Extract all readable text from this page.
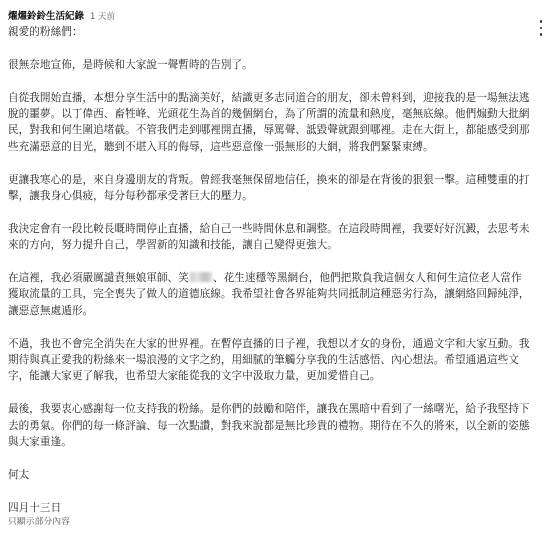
燿燿鈴鈴生活紀錄 1 天前

親愛的粉絲們：

很無奈地宣佈，是時候和大家說一聲暫時的告別了。

自從我開始直播，本想分享生活中的點滴美好，結識更多志同道合的朋友，卻未曾料到，迎接我的是一場無法逃脫的噩夢。以丁偉西、畜牲峰、光頭花生為首的幾個網台，為了所謂的流量和熱度，毫無底線。他們煽動大批網民，對我和何生圍追堵截。不管我們走到哪裡開直播，辱罵聲、詆毀聲就跟到哪裡。走在大街上，都能感受到那些充滿惡意的目光，聽到不堪入耳的侮辱，這些惡意像一張無形的大網，將我們緊緊束縛。

更讓我寒心的是，來自身邊朋友的背叛。曾經我毫無保留地信任，換來的卻是在背後的狠狠一擊。這種雙重的打擊，讓我身心俱疲，每分每秒都承受著巨大的壓力。

我決定會有一段比較長嘅時間停止直播，給自己一些時間休息和調整。在這段時間裡，我要好好沉澱，去思考未來的方向，努力提升自己，學習新的知識和技能，讓自己變得更強大。

在這裡，我必須嚴厲譴責無娘軍師、笑 、花生速穩等黑網台，他們把欺負我這個女人和何生這位老人當作獲取流量的工具，完全喪失了做人的道德底線。我希望社會各界能夠共同抵制這種惡劣行為，讓網絡回歸純淨，讓惡意無處遁形。

不過，我也不會完全消失在大家的世界裡。在暫停直播的日子裡，我想以才女的身份，通過文字和大家互動。我期待與真正愛我的粉絲來一場浪漫的文字之約，用細膩的筆觸分享我的生活感悟、內心想法。希望通過這些文字，能讓大家更了解我，也希望大家能從我的文字中汲取力量，更加愛惜自己。

最後，我要衷心感謝每一位支持我的粉絲。是你們的鼓勵和陪伴，讓我在黑暗中看到了一絲曙光，給予我堅持下去的勇氣。你們的每一條評論、每一次點讚，對我來說都是無比珍貴的禮物。期待在不久的將來，以全新的姿態與大家重逢。

何太

四月十三日

只顯示部分內容
